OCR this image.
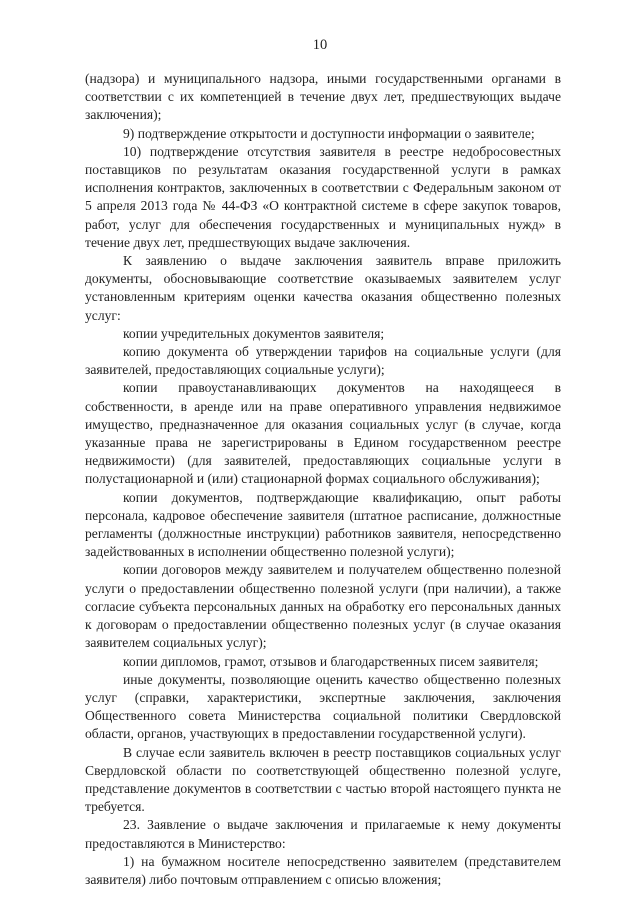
10

(надзора) и муниципального надзора, иными государственными органами в соответствии с их компетенцией в течение двух лет, предшествующих выдаче заключения);

9) подтверждение открытости и доступности информации о заявителе;

10) подтверждение отсутствия заявителя в реестре недобросовестных поставщиков по результатам оказания государственной услуги в рамках исполнения контрактов, заключенных в соответствии с Федеральным законом от 5 апреля 2013 года № 44-ФЗ «О контрактной системе в сфере закупок товаров, работ, услуг для обеспечения государственных и муниципальных нужд» в течение двух лет, предшествующих выдаче заключения.

К заявлению о выдаче заключения заявитель вправе приложить документы, обосновывающие соответствие оказываемых заявителем услуг установленным критериям оценки качества оказания общественно полезных услуг:

копии учредительных документов заявителя;

копию документа об утверждении тарифов на социальные услуги (для заявителей, предоставляющих социальные услуги);

копии правоустанавливающих документов на находящееся в собственности, в аренде или на праве оперативного управления недвижимое имущество, предназначенное для оказания социальных услуг (в случае, когда указанные права не зарегистрированы в Едином государственном реестре недвижимости) (для заявителей, предоставляющих социальные услуги в полустационарной и (или) стационарной формах социального обслуживания);

копии документов, подтверждающие квалификацию, опыт работы персонала, кадровое обеспечение заявителя (штатное расписание, должностные регламенты (должностные инструкции) работников заявителя, непосредственно задействованных в исполнении общественно полезной услуги);

копии договоров между заявителем и получателем общественно полезной услуги о предоставлении общественно полезной услуги (при наличии), а также согласие субъекта персональных данных на обработку его персональных данных к договорам о предоставлении общественно полезных услуг (в случае оказания заявителем социальных услуг);

копии дипломов, грамот, отзывов и благодарственных писем заявителя;

иные документы, позволяющие оценить качество общественно полезных услуг (справки, характеристики, экспертные заключения, заключения Общественного совета Министерства социальной политики Свердловской области, органов, участвующих в предоставлении государственной услуги).

В случае если заявитель включен в реестр поставщиков социальных услуг Свердловской области по соответствующей общественно полезной услуге, представление документов в соответствии с частью второй настоящего пункта не требуется.

23. Заявление о выдаче заключения и прилагаемые к нему документы предоставляются в Министерство:

1) на бумажном носителе непосредственно заявителем (представителем заявителя) либо почтовым отправлением с описью вложения;
